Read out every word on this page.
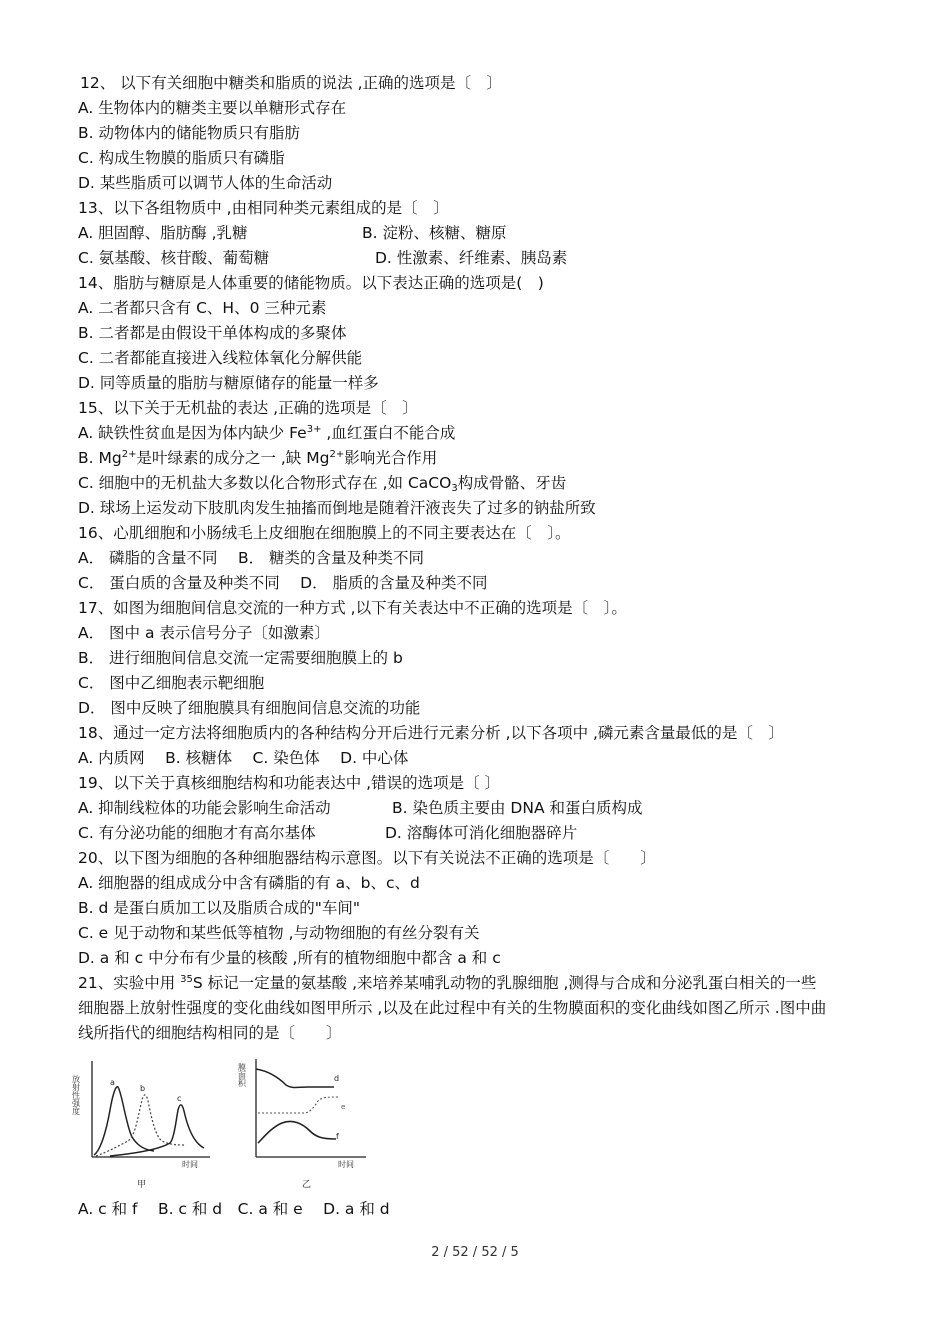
12、 以下有关细胞中糖类和脂质的说法 ,正确的选项是〔　〕
A. 生物体内的糖类主要以单糖形式存在
B. 动物体内的储能物质只有脂肪
C. 构成生物膜的脂质只有磷脂
D. 某些脂质可以调节人体的生命活动
13、以下各组物质中 ,由相同种类元素组成的是〔　〕
A. 胆固醇、脂肪酶 ,乳糖	B. 淀粉、核糖、糖原
C. 氨基酸、核苷酸、葡萄糖	D. 性激素、纤维素、胰岛素
14、脂肪与糖原是人体重要的储能物质。以下表达正确的选项是(　)
A. 二者都只含有 C、H、0 三种元素
B. 二者都是由假设干单体构成的多聚体
C. 二者都能直接进入线粒体氧化分解供能
D. 同等质量的脂肪与糖原储存的能量一样多
15、以下关于无机盐的表达 ,正确的选项是〔　〕
A. 缺铁性贫血是因为体内缺少 $Fe^{3+}$ ,血红蛋白不能合成
B. $Mg^{2+}$是叶绿素的成分之一 ,缺 $Mg^{2+}$影响光合作用
C. 细胞中的无机盐大多数以化合物形式存在 ,如 CaCO$_3$构成骨骼、牙齿
D. 球场上运发动下肢肌肉发生抽搐而倒地是随着汗液丧失了过多的钠盐所致
16、心肌细胞和小肠绒毛上皮细胞在细胞膜上的不同主要表达在〔　〕。
A． 磷脂的含量不同　 B． 糖类的含量及种类不同
C． 蛋白质的含量及种类不同　 D． 脂质的含量及种类不同
17、如图为细胞间信息交流的一种方式 ,以下有关表达中不正确的选项是〔　〕。
A． 图中 a 表示信号分子〔如激素〕
B． 进行细胞间信息交流一定需要细胞膜上的 b
C． 图中乙细胞表示靶细胞
D． 图中反映了细胞膜具有细胞间信息交流的功能
18、通过一定方法将细胞质内的各种结构分开后进行元素分析 ,以下各项中 ,磷元素含量最低的是〔　〕
A. 内质网　 B. 核糖体　 C. 染色体　 D. 中心体
19、以下关于真核细胞结构和功能表达中 ,错误的选项是〔 〕
A. 抑制线粒体的功能会影响生命活动	B. 染色质主要由 DNA 和蛋白质构成
C. 有分泌功能的细胞才有高尔基体	D. 溶酶体可消化细胞器碎片
20、以下图为细胞的各种细胞器结构示意图。以下有关说法不正确的选项是〔　　〕
A. 细胞器的组成成分中含有磷脂的有 a、b、c、d
B. d 是蛋白质加工以及脂质合成的"车间"
C. e 见于动物和某些低等植物 ,与动物细胞的有丝分裂有关
D. a 和 c 中分布有少量的核酸 ,所有的植物细胞中都含 a 和 c
21、实验中用 $^{35}$S 标记一定量的氨基酸 ,来培养某哺乳动物的乳腺细胞 ,测得与合成和分泌乳蛋白相关的一些
细胞器上放射性强度的变化曲线如图甲所示 ,以及在此过程中有关的生物膜面积的变化曲线如图乙所示 .图中曲
线所指代的细胞结构相同的是〔　　〕
放射性强度
时间
a
b
c
甲
膜面积
时间
d
e
f
乙
A. c 和 f　 B. c 和 d　C. a 和 e　 D. a 和 d
2 / 52 / 52 / 5
